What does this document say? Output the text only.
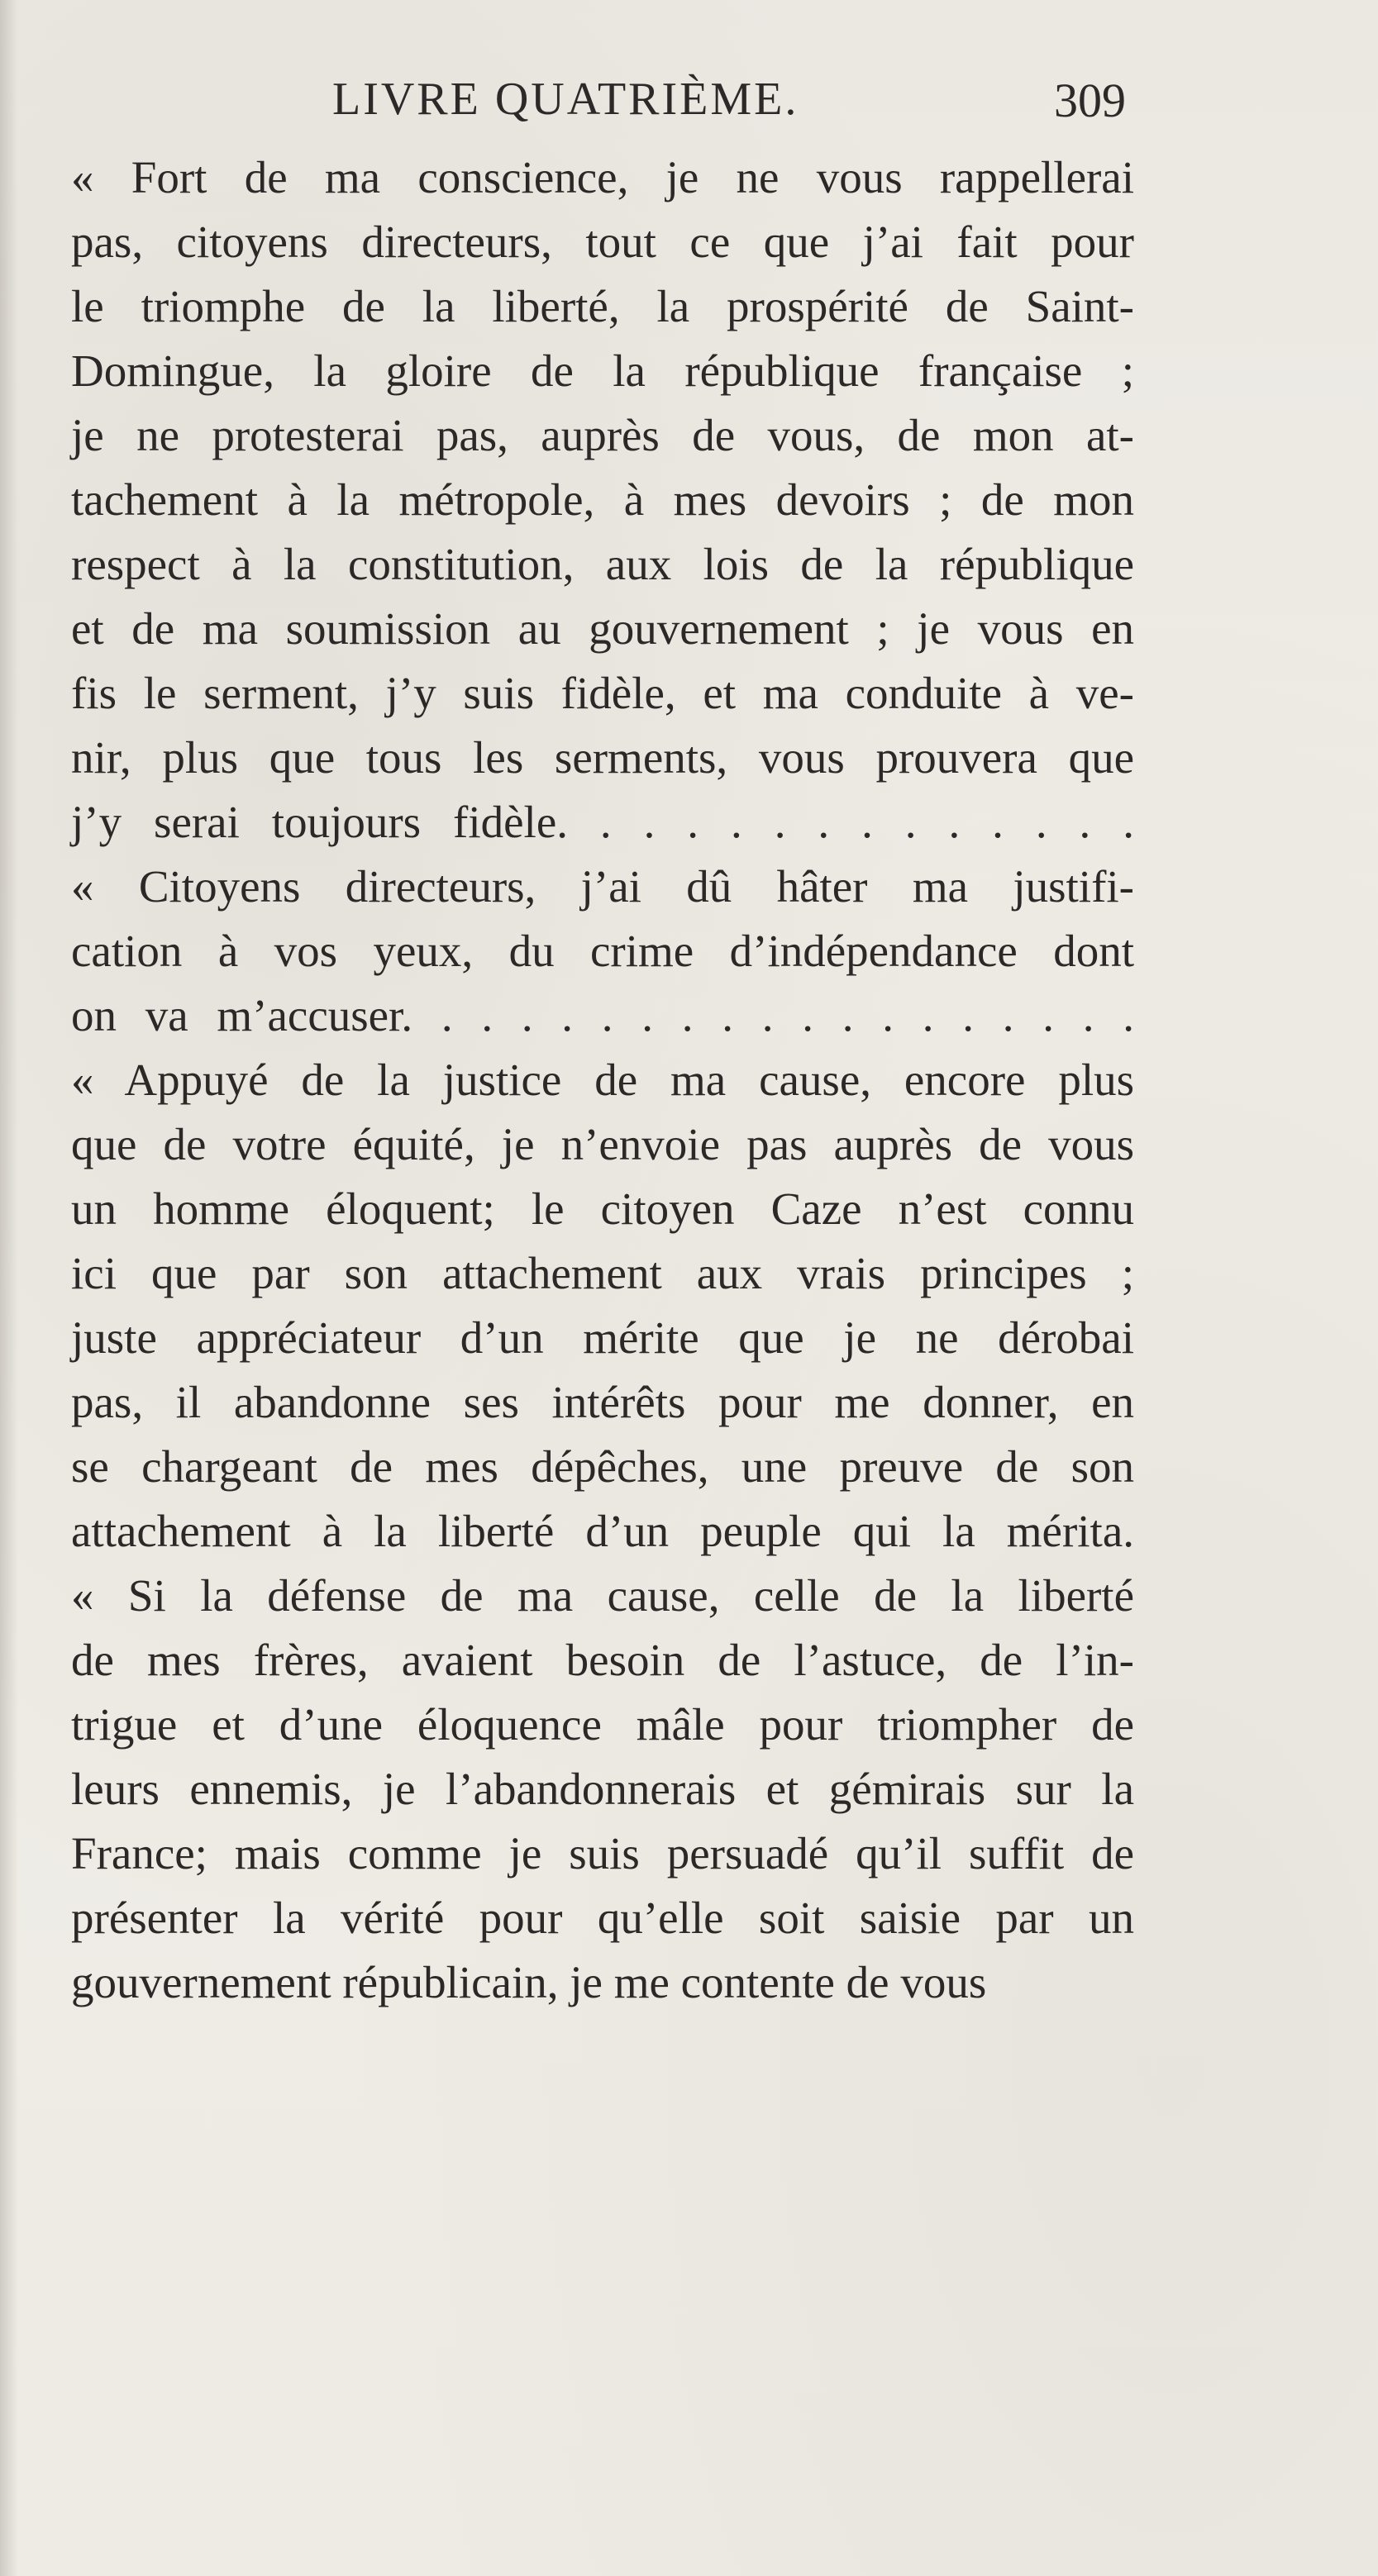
LIVRE QUATRIÈME.	309
« Fort de ma conscience, je ne vous rappellerai
pas, citoyens directeurs, tout ce que j’ai fait pour
le triomphe de la liberté, la prospérité de Saint-
Domingue, la gloire de la république française ;
je ne protesterai pas, auprès de vous, de mon at-
tachement à la métropole, à mes devoirs ; de mon
respect à la constitution, aux lois de la république
et de ma soumission au gouvernement ; je vous en
fis le serment, j’y suis fidèle, et ma conduite à ve-
nir, plus que tous les serments, vous prouvera que
j’y serai toujours fidèle. . . . . . . . . . . . . .
« Citoyens directeurs, j’ai dû hâter ma justifi-
cation à vos yeux, du crime d’indépendance dont
on va m’accuser. . . . . . . . . . . . . . . . . . .
« Appuyé de la justice de ma cause, encore plus
que de votre équité, je n’envoie pas auprès de vous
un homme éloquent; le citoyen Caze n’est connu
ici que par son attachement aux vrais principes ;
juste appréciateur d’un mérite que je ne dérobai
pas, il abandonne ses intérêts pour me donner, en
se chargeant de mes dépêches, une preuve de son
attachement à la liberté d’un peuple qui la mérita.
« Si la défense de ma cause, celle de la liberté
de mes frères, avaient besoin de l’astuce, de l’in-
trigue et d’une éloquence mâle pour triompher de
leurs ennemis, je l’abandonnerais et gémirais sur la
France; mais comme je suis persuadé qu’il suffit de
présenter la vérité pour qu’elle soit saisie par un
gouvernement républicain, je me contente de vous
